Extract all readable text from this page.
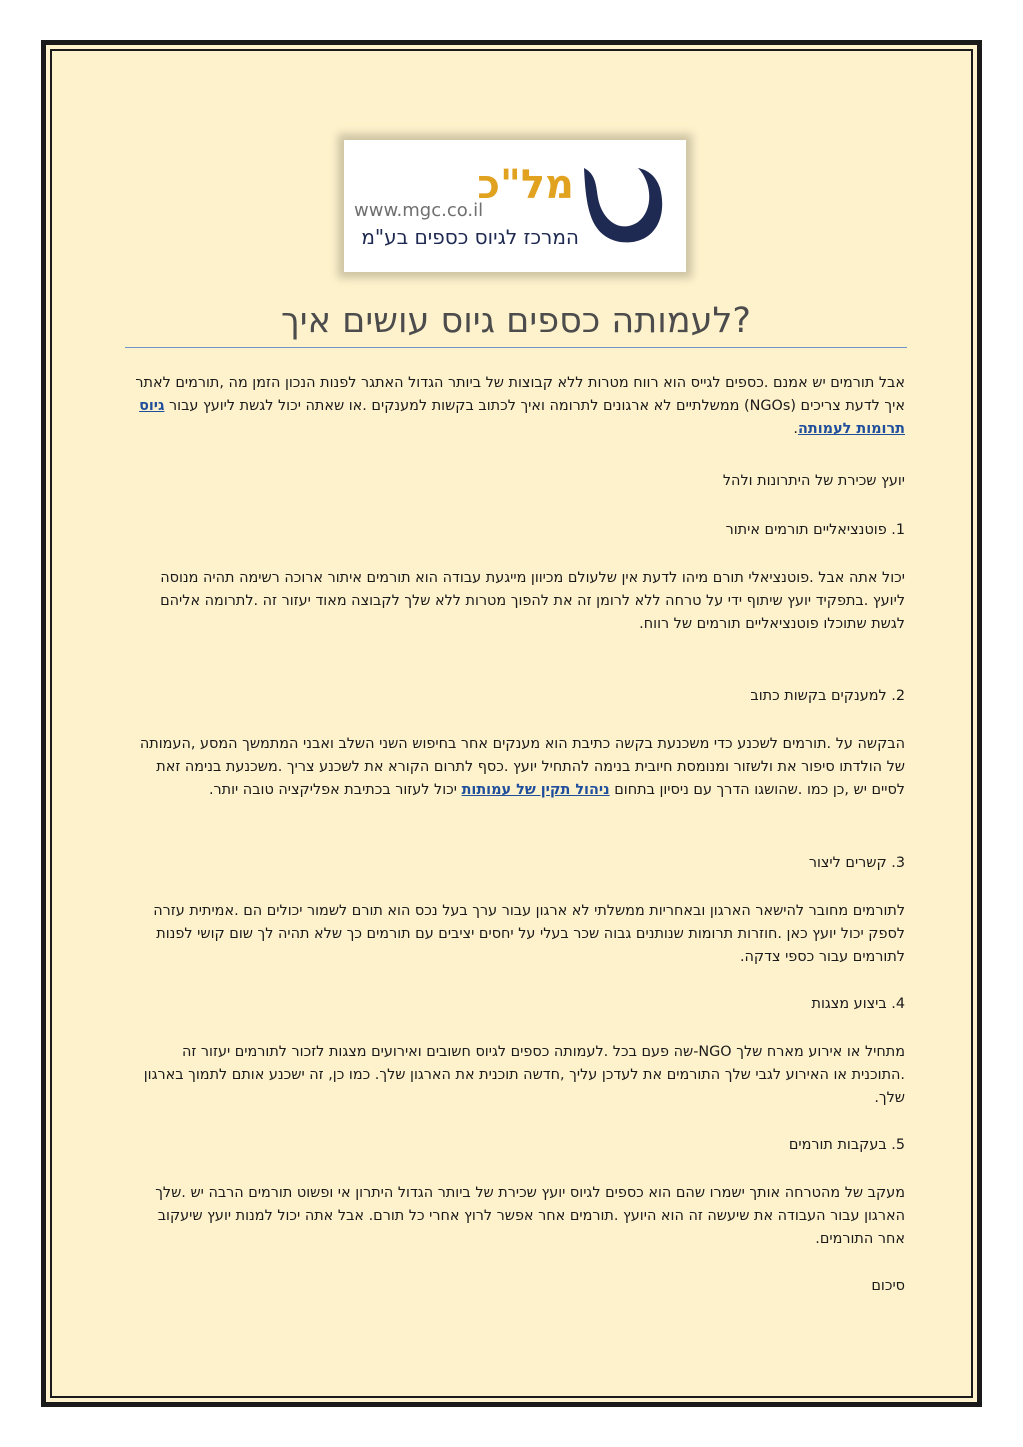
מל"כ
www.mgc.co.il
המרכז לגיוס כספים בע"מ
?לעמותה כספים גיוס עושים איך

אבל תורמים יש אמנם .כספים לגייס הוא רווח מטרות ללא קבוצות של ביותר הגדול האתגר לפנות הנכון הזמן מה ,תורמים לאתר איך לדעת צריכים (NGOs) ממשלתיים לא ארגונים לתרומה ואיך לכתוב בקשות למענקים .או שאתה יכול לגשת ליועץ עבור גיוס תרומות לעמותה.

יועץ שכירת של היתרונות ולהל
1. פוטנציאליים תורמים איתור
יכול אתה אבל .פוטנציאלי תורם מיהו לדעת אין שלעולם מכיוון מייגעת עבודה הוא תורמים איתור ארוכה רשימה תהיה מנוסה ליועץ .בתפקיד יועץ שיתוף ידי על טרחה ללא לרומן זה את להפוך מטרות ללא שלך לקבוצה מאוד יעזור זה .לתרומה אליהם לגשת שתוכלו פוטנציאליים תורמים של רווח.
2. למענקים בקשות כתוב

הבקשה על .תורמים לשכנע כדי משכנעת בקשה כתיבת הוא מענקים אחר בחיפוש השני השלב ואבני המתמשך המסע ,העמותה של הולדתו סיפור את ולשזור ומנומסת חיובית בנימה להתחיל יועץ .כסף לתרום הקורא את לשכנע צריך .משכנעת בנימה זאת לסיים יש ,כן כמו .שהושגו הדרך עם ניסיון בתחום ניהול תקין של עמותות יכול לעזור בכתיבת אפליקציה טובה יותר.

3. קשרים ליצור
לתורמים מחובר להישאר הארגון ובאחריות ממשלתי לא ארגון עבור ערך בעל נכס הוא תורם לשמור יכולים הם .אמיתית עזרה לספק יכול יועץ כאן .חוזרות תרומות שנותנים גבוה שכר בעלי על יחסים יציבים עם תורמים כך שלא תהיה לך שום קושי לפנות לתורמים עבור כספי צדקה.
4. ביצוע מצגות
מתחיל או אירוע מארח שלך NGO-שה פעם בכל .לעמותה כספים לגיוס חשובים ואירועים מצגות לזכור לתורמים יעזור זה .התוכנית או האירוע לגבי שלך התורמים את לעדכן עליך ,חדשה תוכנית את הארגון שלך. כמו כן, זה ישכנע אותם לתמוך בארגון שלך.
5. בעקבות תורמים
מעקב של מהטרחה אותך ישמרו שהם הוא כספים לגיוס יועץ שכירת של ביותר הגדול היתרון אי ופשוט תורמים הרבה יש .שלך הארגון עבור העבודה את שיעשה זה הוא היועץ .תורמים אחר אפשר לרוץ אחרי כל תורם. אבל אתה יכול למנות יועץ שיעקוב אחר התורמים.
סיכום
